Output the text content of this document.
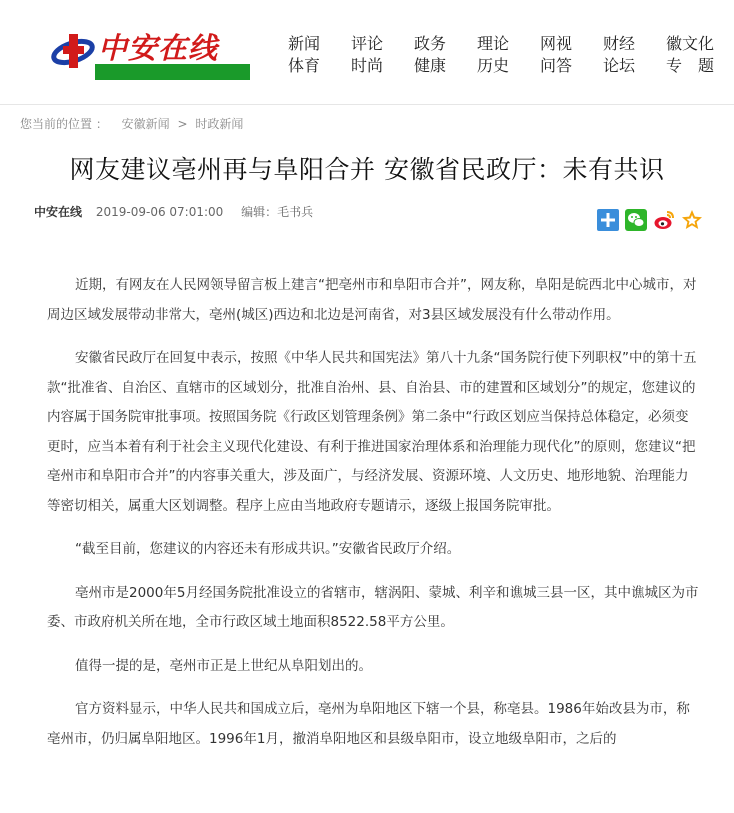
中安在线	新闻
体育
评论
时尚
政务
健康
理论
历史
网视
问答
财经
论坛
徽文化
专　题
您当前的位置 ： 安徽新闻 > 时政新闻
网友建议亳州再与阜阳合并 安徽省民政厅：未有共识
中安在线 2019-09-06 07:01:00 编辑：毛书兵

近期，有网友在人民网领导留言板上建言“把亳州市和阜阳市合并”，网友称，阜阳是皖西北中心城市，对周边区域发展带动非常大，亳州(城区)西边和北边是河南省，对3县区域发展没有什么带动作用。

安徽省民政厅在回复中表示，按照《中华人民共和国宪法》第八十九条“国务院行使下列职权”中的第十五款“批准省、自治区、直辖市的区域划分，批准自治州、县、自治县、市的建置和区域划分”的规定，您建议的内容属于国务院审批事项。按照国务院《行政区划管理条例》第二条中“行政区划应当保持总体稳定，必须变更时，应当本着有利于社会主义现代化建设、有利于推进国家治理体系和治理能力现代化”的原则，您建议“把亳州市和阜阳市合并”的内容事关重大，涉及面广，与经济发展、资源环境、人文历史、地形地貌、治理能力等密切相关，属重大区划调整。程序上应由当地政府专题请示，逐级上报国务院审批。

“截至目前，您建议的内容还未有形成共识。”安徽省民政厅介绍。

亳州市是2000年5月经国务院批准设立的省辖市，辖涡阳、蒙城、利辛和谯城三县一区，其中谯城区为市委、市政府机关所在地，全市行政区域土地面积8522.58平方公里。

值得一提的是，亳州市正是上世纪从阜阳划出的。

官方资料显示，中华人民共和国成立后，亳州为阜阳地区下辖一个县，称亳县。1986年始改县为市，称亳州市，仍归属阜阳地区。1996年1月，撤消阜阳地区和县级阜阳市，设立地级阜阳市，之后的
